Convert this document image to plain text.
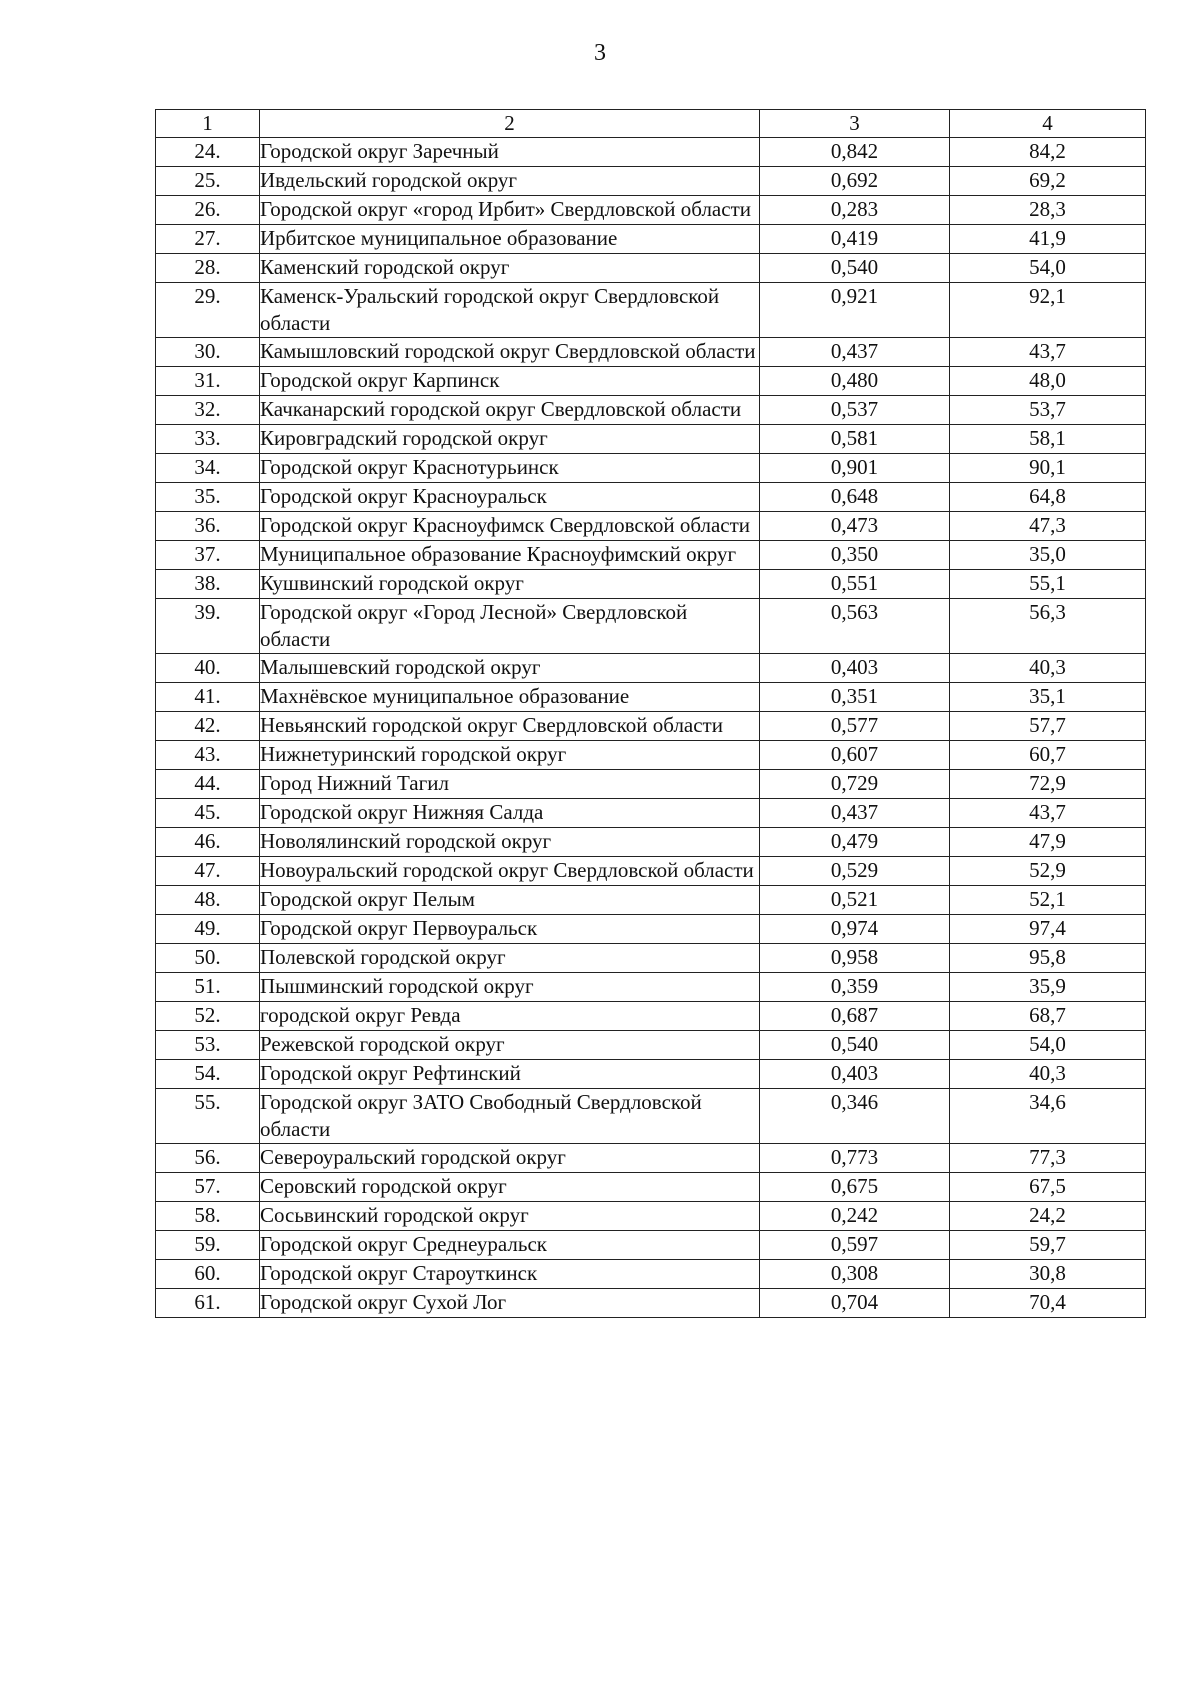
3
1	2	3	4
24.	Городской округ Заречный	0,842	84,2
25.	Ивдельский городской округ	0,692	69,2
26.	Городской округ «город Ирбит» Свердловской области	0,283	28,3
27.	Ирбитское муниципальное образование	0,419	41,9
28.	Каменский городской округ	0,540	54,0
29.	Каменск-Уральский городской округ Свердловской области	0,921	92,1
30.	Камышловский городской округ Свердловской области	0,437	43,7
31.	Городской округ Карпинск	0,480	48,0
32.	Качканарский городской округ Свердловской области	0,537	53,7
33.	Кировградский городской округ	0,581	58,1
34.	Городской округ Краснотурьинск	0,901	90,1
35.	Городской округ Красноуральск	0,648	64,8
36.	Городской округ Красноуфимск Свердловской области	0,473	47,3
37.	Муниципальное образование Красноуфимский округ	0,350	35,0
38.	Кушвинский городской округ	0,551	55,1
39.	Городской округ «Город Лесной» Свердловской области	0,563	56,3
40.	Малышевский городской округ	0,403	40,3
41.	Махнёвское муниципальное образование	0,351	35,1
42.	Невьянский городской округ Свердловской области	0,577	57,7
43.	Нижнетуринский городской округ	0,607	60,7
44.	Город Нижний Тагил	0,729	72,9
45.	Городской округ Нижняя Салда	0,437	43,7
46.	Новолялинский городской округ	0,479	47,9
47.	Новоуральский городской округ Свердловской области	0,529	52,9
48.	Городской округ Пелым	0,521	52,1
49.	Городской округ Первоуральск	0,974	97,4
50.	Полевской городской округ	0,958	95,8
51.	Пышминский городской округ	0,359	35,9
52.	городской округ Ревда	0,687	68,7
53.	Режевской городской округ	0,540	54,0
54.	Городской округ Рефтинский	0,403	40,3
55.	Городской округ ЗАТО Свободный Свердловской области	0,346	34,6
56.	Североуральский городской округ	0,773	77,3
57.	Серовский городской округ	0,675	67,5
58.	Сосьвинский городской округ	0,242	24,2
59.	Городской округ Среднеуральск	0,597	59,7
60.	Городской округ Староуткинск	0,308	30,8
61.	Городской округ Сухой Лог	0,704	70,4
